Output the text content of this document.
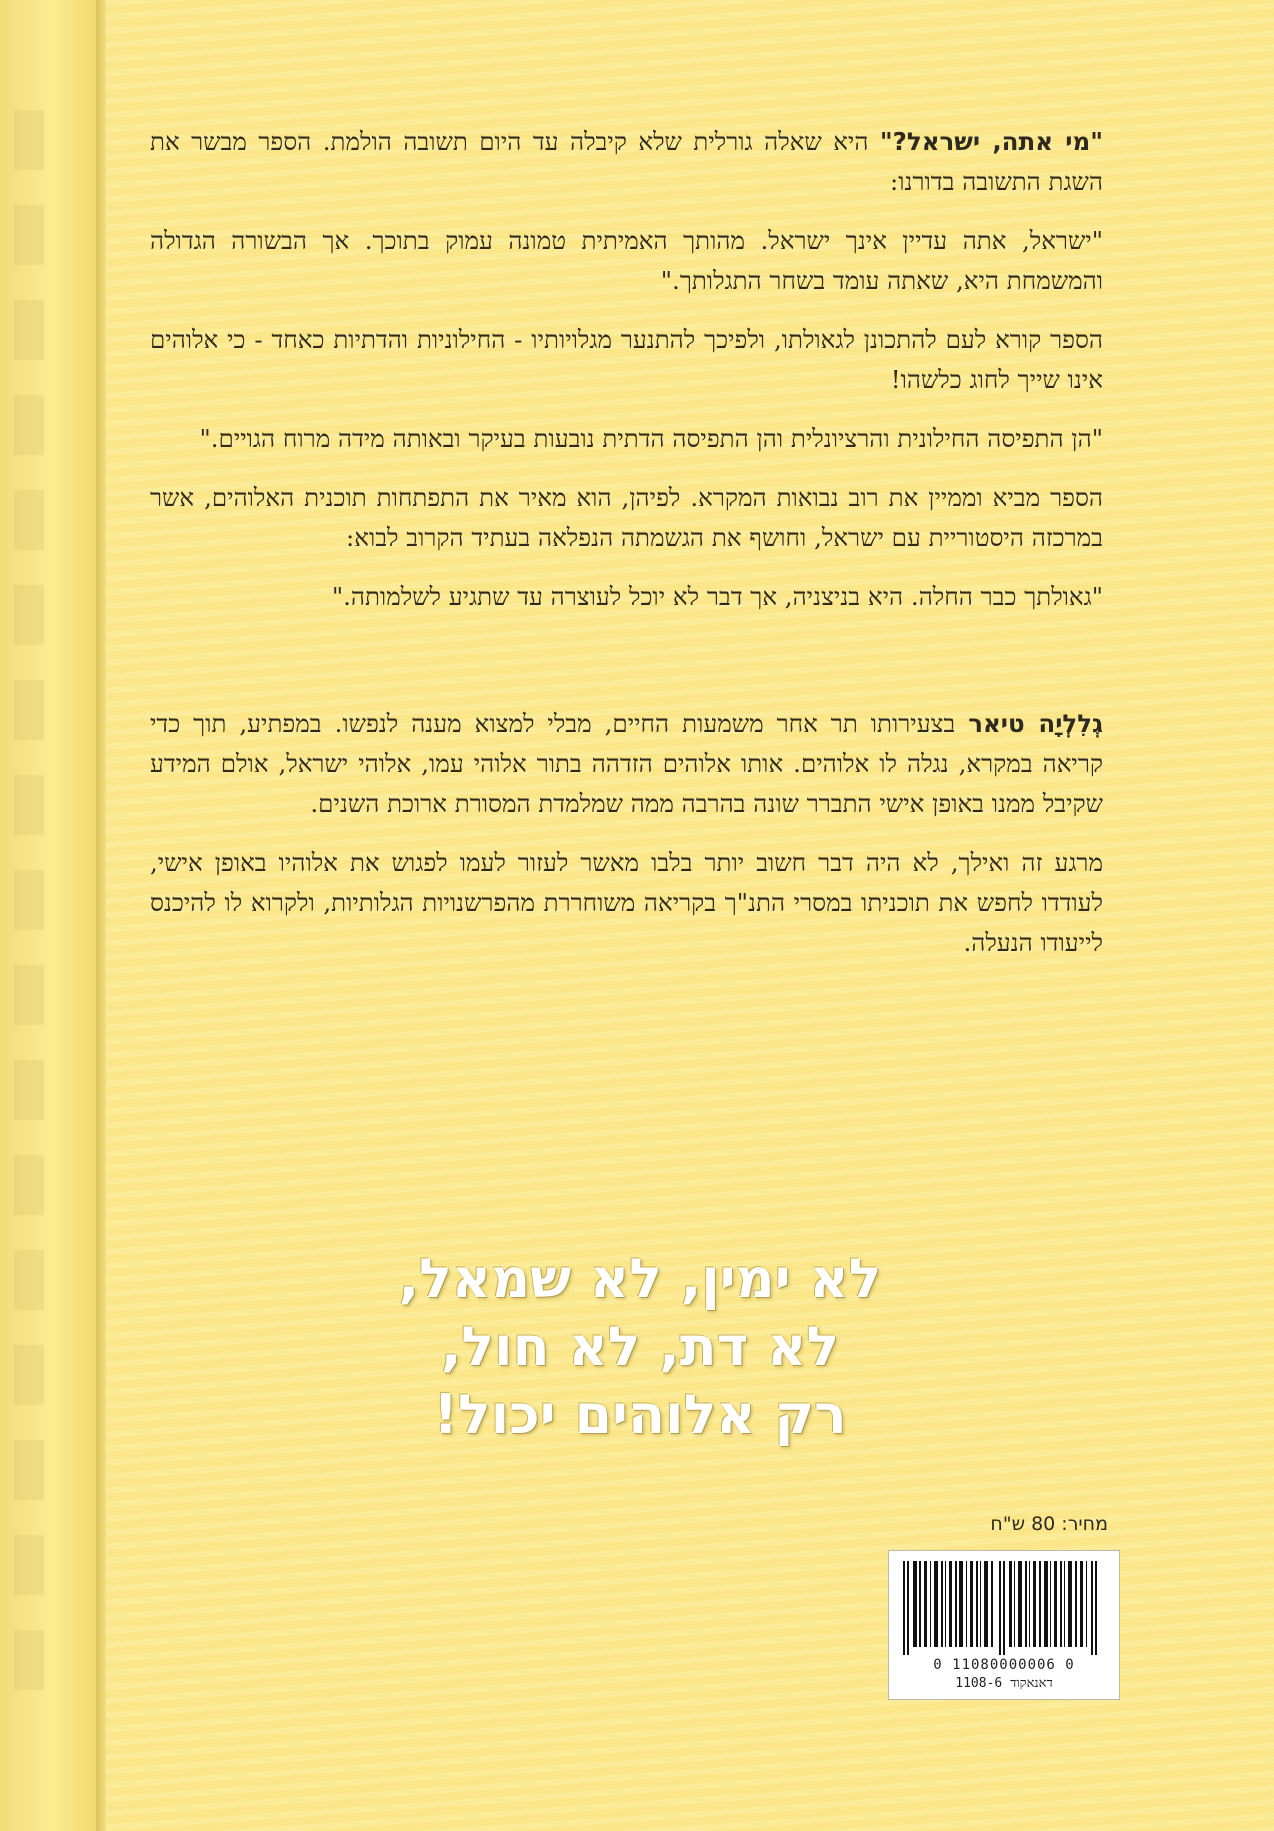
"מי אתה, ישראל?" היא שאלה גורלית שלא קיבלה עד היום תשובה הולמת. הספר מבשר את השגת התשובה בדורנו:

"ישראל, אתה עדיין אינך ישראל. מהותך האמיתית טמונה עמוק בתוכך. אך הבשורה הגדולה והמשמחת היא, שאתה עומד בשחר התגלותך."

הספר קורא לעם להתכונן לגאולתו, ולפיכך להתנער מגלויותיו - החילוניות והדתיות כאחד - כי אלוהים אינו שייך לחוג כלשהו!

"הן התפיסה החילונית והרציונלית והן התפיסה הדתית נובעות בעיקר ובאותה מידה מרוח הגויים."

הספר מביא וממיין את רוב נבואות המקרא. לפיהן, הוא מאיר את התפתחות תוכנית האלוהים, אשר במרכזה היסטוריית עם ישראל, וחושף את הגשמתה הנפלאה בעתיד הקרוב לבוא:

"גאולתך כבר החלה. היא בניצניה, אך דבר לא יוכל לעוצרה עד שתגיע לשלמותה."

גְלִלְיָה טיאר בצעירותו תר אחר משמעות החיים, מבלי למצוא מענה לנפשו. במפתיע, תוך כדי קריאה במקרא, נגלה לו אלוהים. אותו אלוהים הזדהה בתור אלוהי עמו, אלוהי ישראל, אולם המידע שקיבל ממנו באופן אישי התברר שונה בהרבה ממה שמלמדת המסורת ארוכת השנים.

מרגע זה ואילך, לא היה דבר חשוב יותר בלבו מאשר לעזור לעמו לפגוש את אלוהיו באופן אישי, לעודדו לחפש את תוכניתו במסרי התנ"ך בקריאה משוחררת מהפרשנויות הגלותיות, ולקרוא לו להיכנס לייעודו הנעלה.

לא ימין, לא שמאל,
לא דת, לא חול,
רק אלוהים יכול!
מחיר: 80 ש"ח
0 11080000006 0
דאנאקוד 1108-6
